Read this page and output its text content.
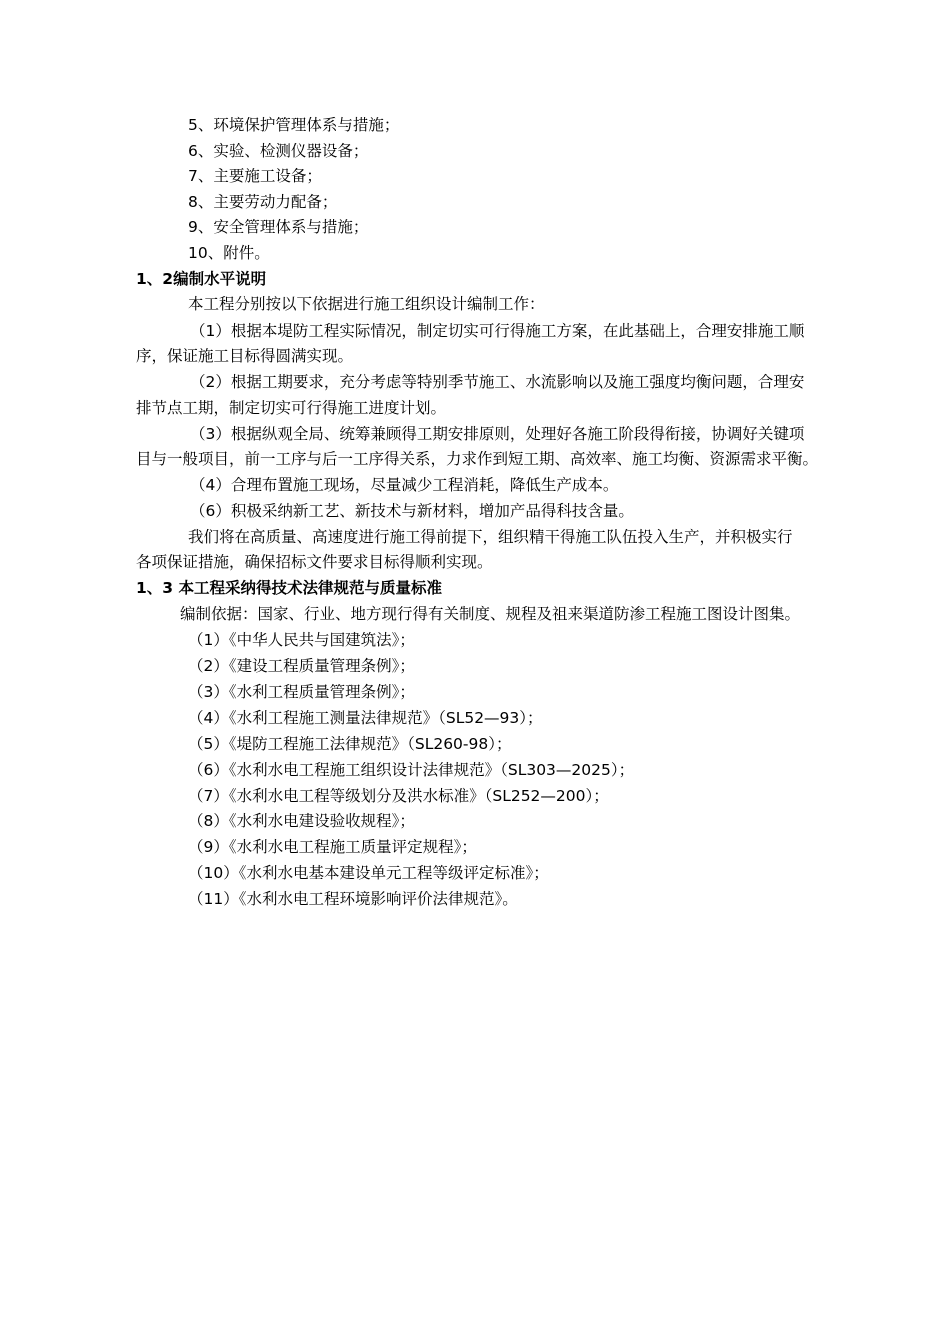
5、环境保护管理体系与措施；
6、实验、检测仪器设备；
7、主要施工设备；
8、主要劳动力配备；
9、安全管理体系与措施；
10、附件。
1、2编制水平说明
本工程分别按以下依据进行施工组织设计编制工作：
（1）根据本堤防工程实际情况，制定切实可行得施工方案，在此基础上，合理安排施工顺
序，保证施工目标得圆满实现。
（2）根据工期要求，充分考虑等特别季节施工、水流影响以及施工强度均衡问题，合理安
排节点工期，制定切实可行得施工进度计划。
（3）根据纵观全局、统筹兼顾得工期安排原则，处理好各施工阶段得衔接，协调好关键项
目与一般项目，前一工序与后一工序得关系，力求作到短工期、高效率、施工均衡、资源需求平衡。
（4）合理布置施工现场，尽量减少工程消耗，降低生产成本。
（6）积极采纳新工艺、新技术与新材料，增加产品得科技含量。
我们将在高质量、高速度进行施工得前提下，组织精干得施工队伍投入生产，并积极实行
各项保证措施，确保招标文件要求目标得顺利实现。
1、3 本工程采纳得技术法律规范与质量标准
编制依据：国家、行业、地方现行得有关制度、规程及祖来渠道防渗工程施工图设计图集。
（1）《中华人民共与国建筑法》；
（2）《建设工程质量管理条例》；
（3）《水利工程质量管理条例》；
（4）《水利工程施工测量法律规范》（SL52—93）；
（5）《堤防工程施工法律规范》（SL260-98）；
（6）《水利水电工程施工组织设计法律规范》（SL303—2025）；
（7）《水利水电工程等级划分及洪水标准》（SL252—200）；
（8）《水利水电建设验收规程》；
（9）《水利水电工程施工质量评定规程》；
（10）《水利水电基本建设单元工程等级评定标准》；
（11）《水利水电工程环境影响评价法律规范》。
